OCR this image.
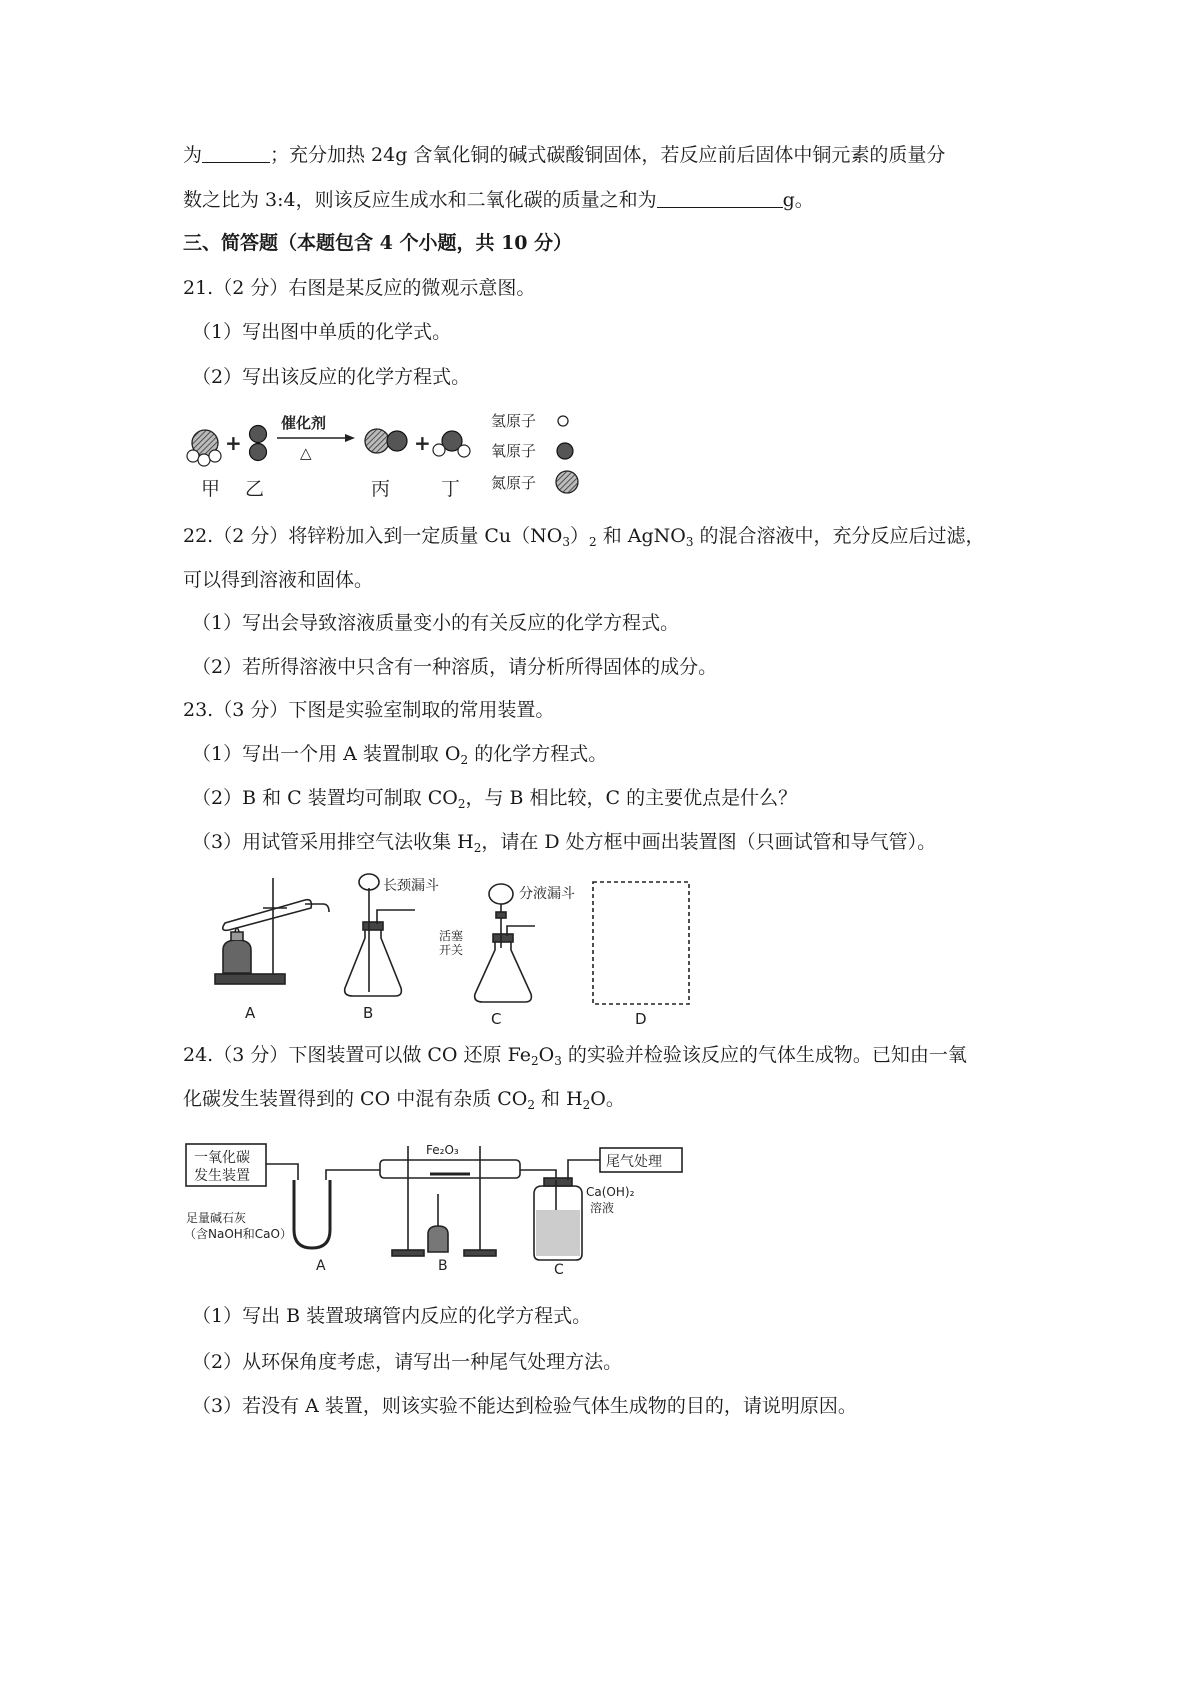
为	；充分加热 24g 含氧化铜的碱式碳酸铜固体，若反应前后固体中铜元素的质量分
数之比为 3:4，则该反应生成水和二氧化碳的质量之和为	g。
三、简答题（本题包含 4 个小题，共 10 分）
21.（2 分）右图是某反应的微观示意图。
（1）写出图中单质的化学式。
（2）写出该反应的化学方程式。
+
催化剂
△	+
甲 乙	丙	丁
氢原子
氧原子
氮原子
22.（2 分）将锌粉加入到一定质量 $Cu(NO_3)_2$ 和 AgNO$_3$ 的混合溶液中，充分反应后过滤，
可以得到溶液和固体。
（1）写出会导致溶液质量变小的有关反应的化学方程式。
（2）若所得溶液中只含有一种溶质，请分析所得固体的成分。
23.（3 分）下图是实验室制取的常用装置。
（1）写出一个用 A 装置制取 $O_2$ 的化学方程式。
（2）B 和 C 装置均可制取 $CO_2$，与 B 相比较，C 的主要优点是什么？
（3）用试管采用排空气法收集 $H_2$，请在 D 处方框中画出装置图（只画试管和导气管）。
长颈漏斗	分液漏斗
活塞
开关
A	B	C	D
24.（3 分）下图装置可以做 CO 还原 $Fe_2O_3$ 的实验并检验该反应的气体生成物。已知由一氧
化碳发生装置得到的 CO 中混有杂质 $CO_2$ 和 $H_2O$。
一氧化碳
发生装置
Fe₂O₃
尾气处理
Ca(OH)₂
溶液
足量碱石灰
（含NaOH和CaO）
A	B	C
（1）写出 B 装置玻璃管内反应的化学方程式。
（2）从环保角度考虑，请写出一种尾气处理方法。
（3）若没有 A 装置，则该实验不能达到检验气体生成物的目的，请说明原因。
